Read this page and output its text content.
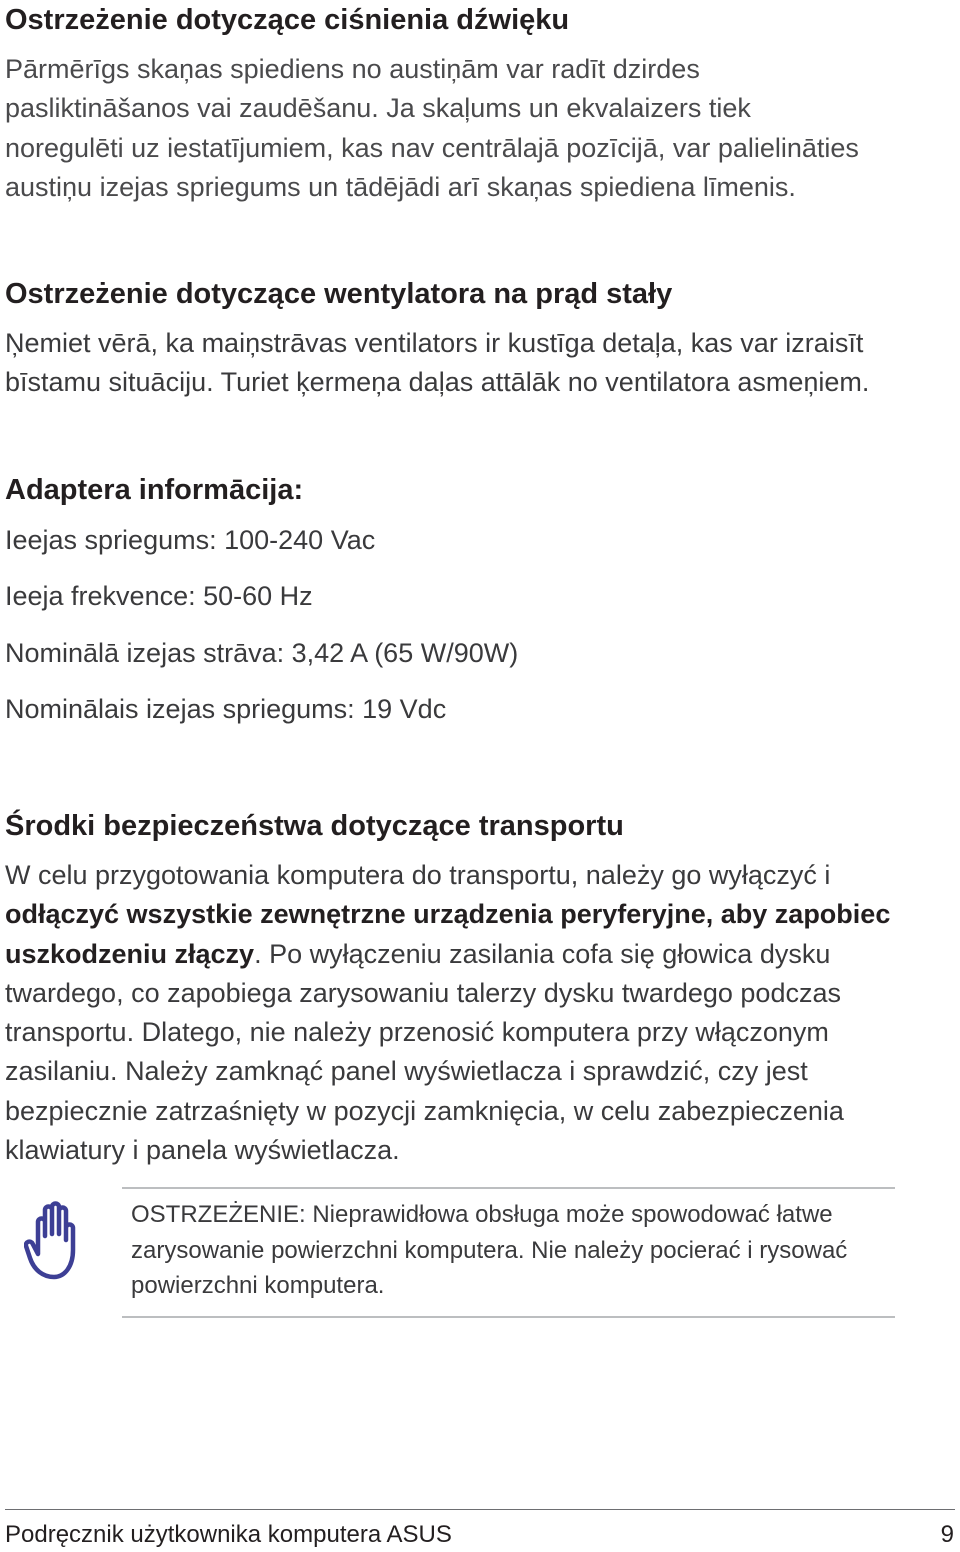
Ostrzeżenie dotyczące ciśnienia dźwięku

Pārmērīgs skaņas spiediens no austiņām var radīt dzirdes pasliktināšanos vai zaudēšanu. Ja skaļums un ekvalaizers tiek noregulēti uz iestatījumiem, kas nav centrālajā pozīcijā, var palielināties austiņu izejas spriegums un tādējādi arī skaņas spiediena līmenis.

Ostrzeżenie dotyczące wentylatora na prąd stały

Ņemiet vērā, ka maiņstrāvas ventilators ir kustīga detaļa, kas var izraisīt bīstamu situāciju. Turiet ķermeņa daļas attālāk no ventilatora asmeņiem.

Adaptera informācija:

Ieejas spriegums: 100-240 Vac

Ieeja frekvence: 50-60 Hz

Nominālā izejas strāva: 3,42 A (65 W/90W)

Nominālais izejas spriegums: 19 Vdc

Środki bezpieczeństwa dotyczące transportu

W celu przygotowania komputera do transportu, należy go wyłączyć i odłączyć wszystkie zewnętrzne urządzenia peryferyjne, aby zapobiec uszkodzeniu złączy. Po wyłączeniu zasilania cofa się głowica dysku twardego, co zapobiega zarysowaniu talerzy dysku twardego podczas transportu. Dlatego, nie należy przenosić komputera przy włączonym zasilaniu. Należy zamknąć panel wyświetlacza i sprawdzić, czy jest bezpiecznie zatrzaśnięty w pozycji zamknięcia, w celu zabezpieczenia klawiatury i panela wyświetlacza.

OSTRZEŻENIE: Nieprawidłowa obsługa może spowodować łatwe zarysowanie powierzchni komputera. Nie należy pocierać i rysować powierzchni komputera.

Podręcznik użytkownika komputera ASUS	9
